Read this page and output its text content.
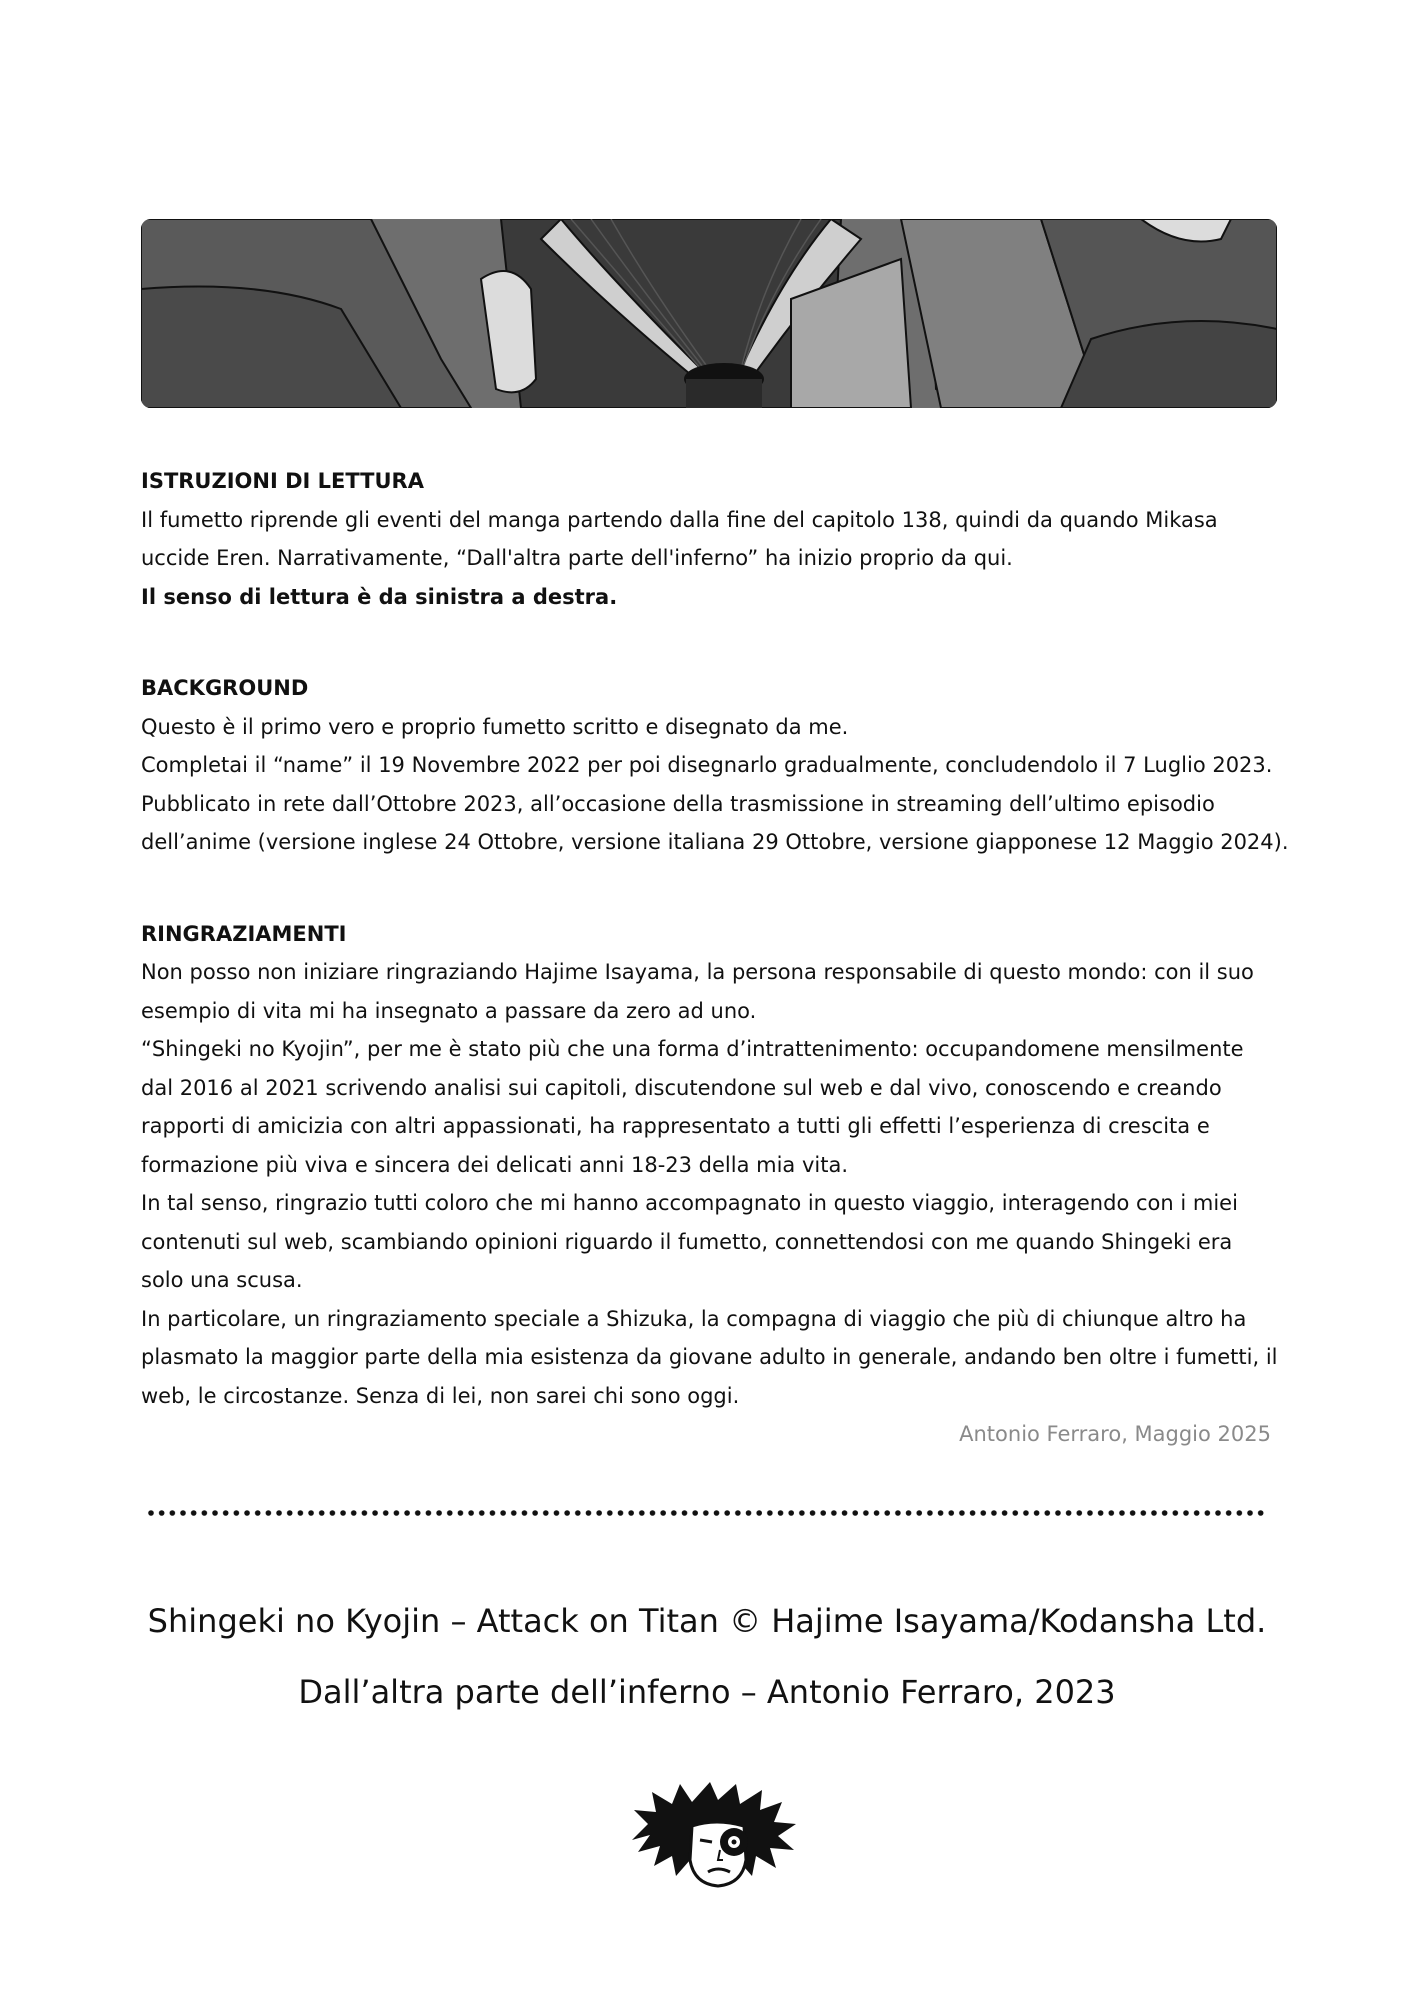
ISTRUZIONI DI LETTURA
Il fumetto riprende gli eventi del manga partendo dalla fine del capitolo 138, quindi da quando Mikasa
uccide Eren. Narrativamente, “Dall'altra parte dell'inferno” ha inizio proprio da qui.
Il senso di lettura è da sinistra a destra.
BACKGROUND
Questo è il primo vero e proprio fumetto scritto e disegnato da me.
Completai il “name” il 19 Novembre 2022 per poi disegnarlo gradualmente, concludendolo il 7 Luglio 2023.
Pubblicato in rete dall’Ottobre 2023, all’occasione della trasmissione in streaming dell’ultimo episodio
dell’anime (versione inglese 24 Ottobre, versione italiana 29 Ottobre, versione giapponese 12 Maggio 2024).
RINGRAZIAMENTI
Non posso non iniziare ringraziando Hajime Isayama, la persona responsabile di questo mondo: con il suo
esempio di vita mi ha insegnato a passare da zero ad uno.
“Shingeki no Kyojin”, per me è stato più che una forma d’intrattenimento: occupandomene mensilmente
dal 2016 al 2021 scrivendo analisi sui capitoli, discutendone sul web e dal vivo, conoscendo e creando
rapporti di amicizia con altri appassionati, ha rappresentato a tutti gli effetti l’esperienza di crescita e
formazione più viva e sincera dei delicati anni 18-23 della mia vita.
In tal senso, ringrazio tutti coloro che mi hanno accompagnato in questo viaggio, interagendo con i miei
contenuti sul web, scambiando opinioni riguardo il fumetto, connettendosi con me quando Shingeki era
solo una scusa.
In particolare, un ringraziamento speciale a Shizuka, la compagna di viaggio che più di chiunque altro ha
plasmato la maggior parte della mia esistenza da giovane adulto in generale, andando ben oltre i fumetti, il
web, le circostanze. Senza di lei, non sarei chi sono oggi.
Antonio Ferraro, Maggio 2025
Shingeki no Kyojin – Attack on Titan © Hajime Isayama/Kodansha Ltd.
Dall’altra parte dell’inferno – Antonio Ferraro, 2023
